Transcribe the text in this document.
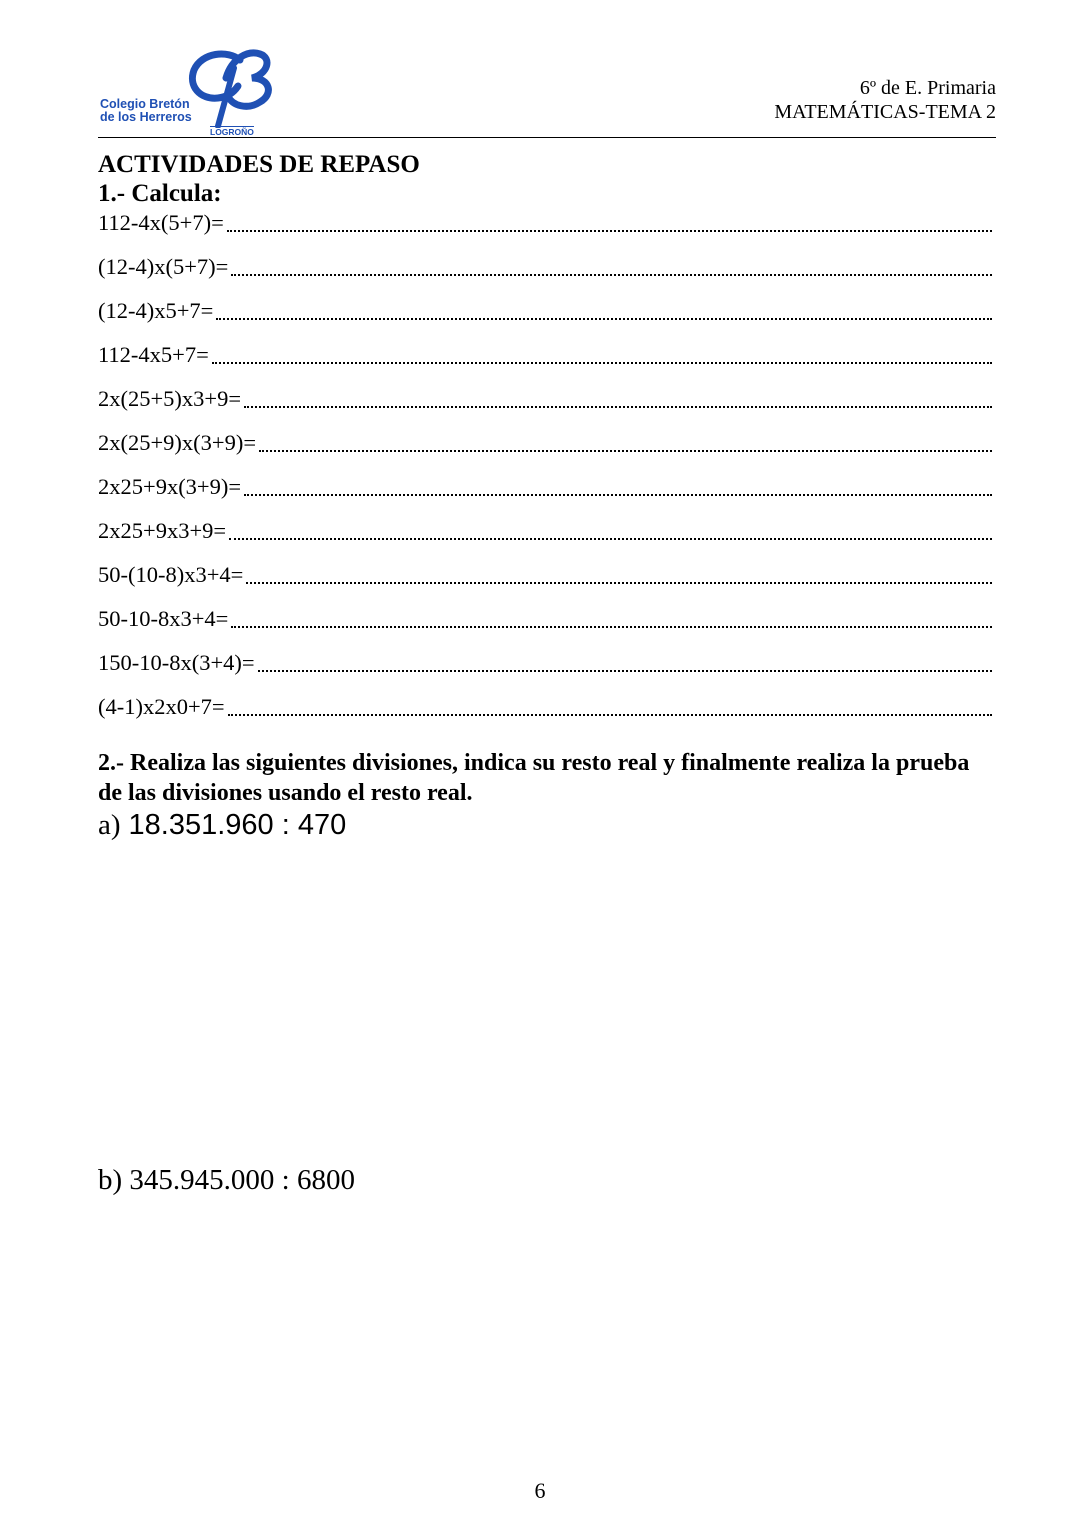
Colegio Bretón
de los Herreros
LOGROÑO
6º de E. Primaria
MATEMÁTICAS-TEMA 2
ACTIVIDADES DE REPASO
1.- Calcula:
112-4x(5+7)=
(12-4)x(5+7)=
(12-4)x5+7=
112-4x5+7=
2x(25+5)x3+9=
2x(25+9)x(3+9)=
2x25+9x(3+9)=
2x25+9x3+9=
50-(10-8)x3+4=
50-10-8x3+4=
150-10-8x(3+4)=
(4-1)x2x0+7=
2.- Realiza las siguientes divisiones, indica su resto real y finalmente realiza la prueba de las divisiones usando el resto real.
a) 18.351.960 : 470
b) 345.945.000 : 6800
6
